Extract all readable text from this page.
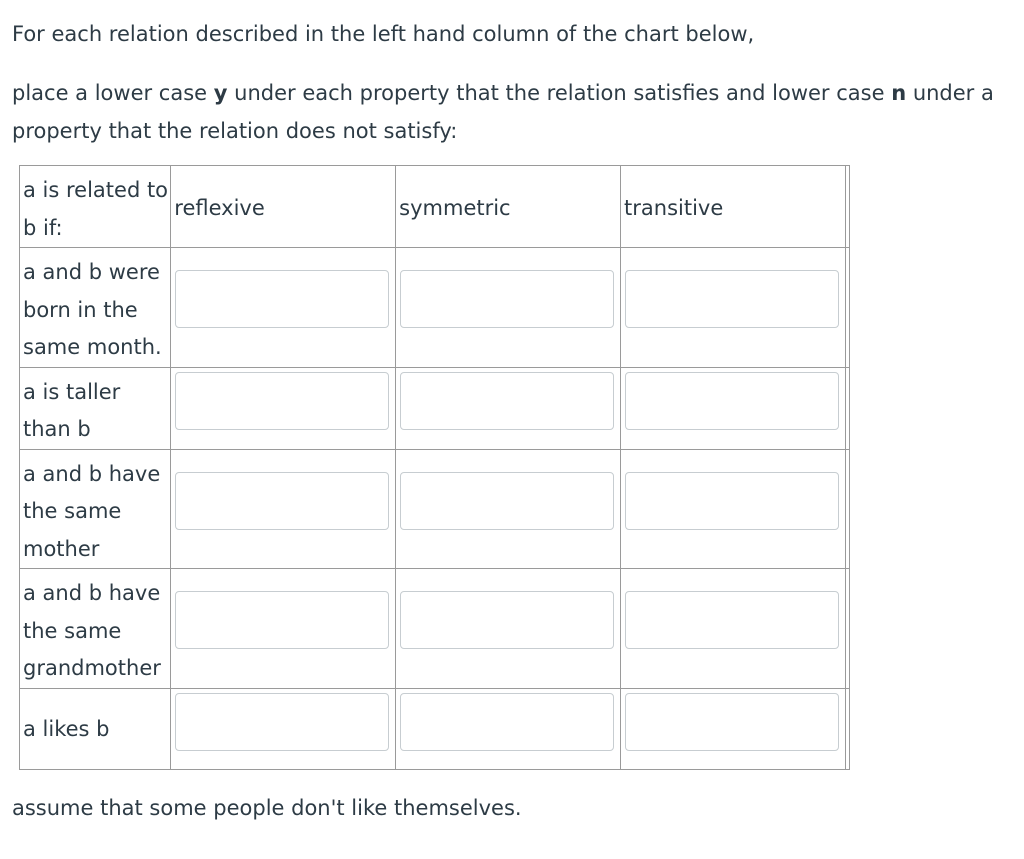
For each relation described in the left hand column of the chart below,

place a lower case y under each property that the relation satisfies and lower case n under a property that the relation does not satisfy:

a is related to b if:	reflexive	symmetric	transitive	

a and b were born in the same month.

a is taller than b

a and b have the same mother

a and b have the same grandmother

a likes b

assume that some people don't like themselves.
